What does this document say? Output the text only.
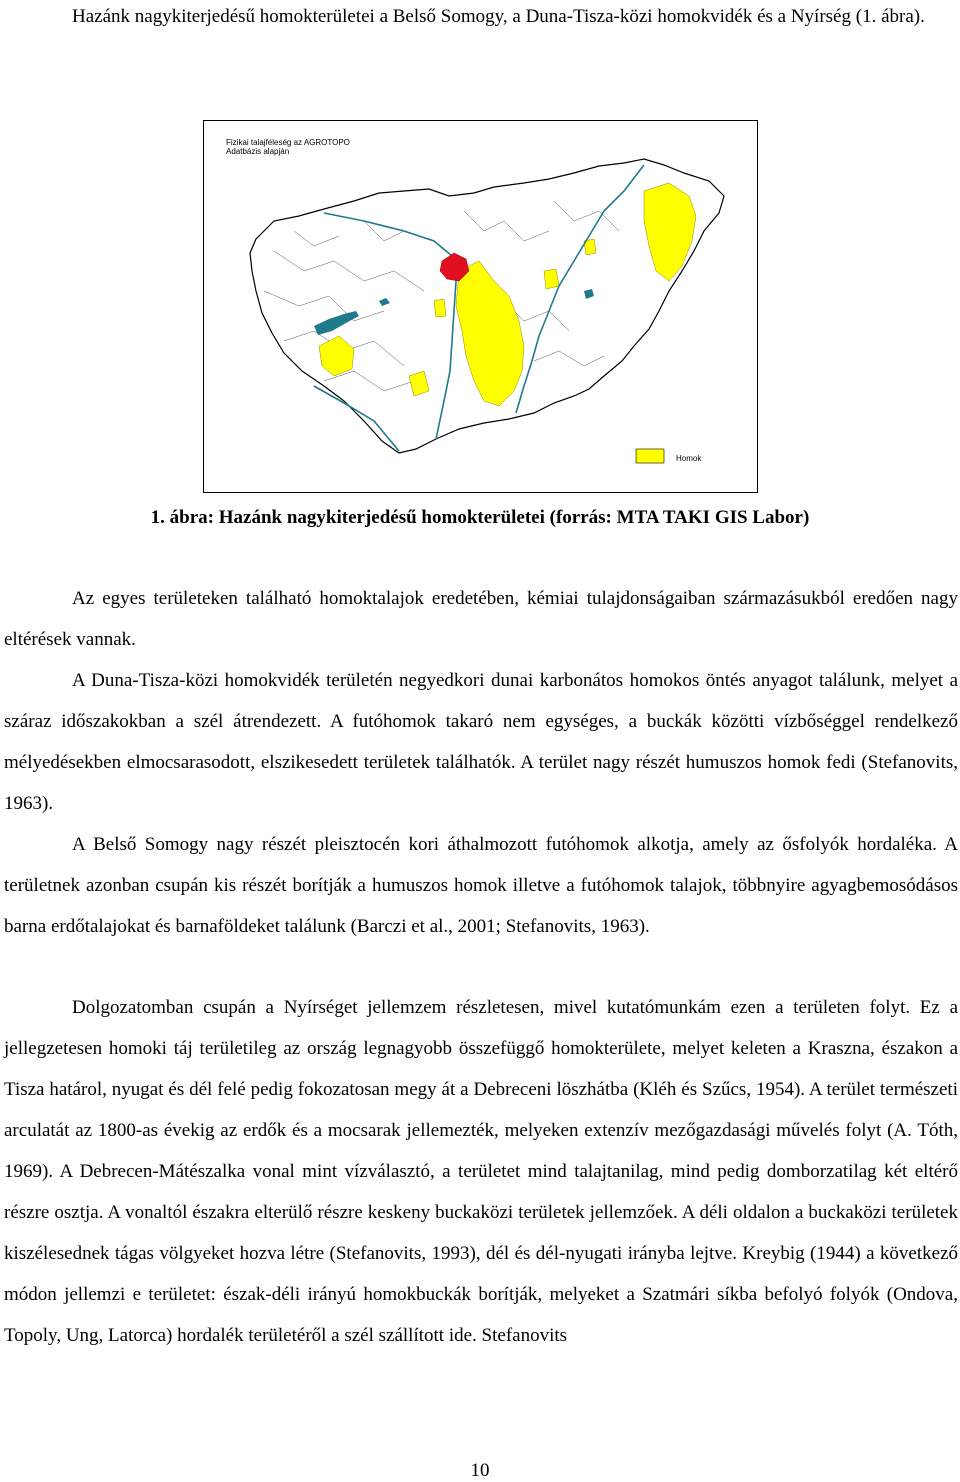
Hazánk nagykiterjedésű homokterületei a Belső Somogy, a Duna-Tisza-közi homokvidék és a Nyírség (1. ábra).

Fizikai talajféleség az AGROTOPO
Adatbázis alapján
Homok

1. ábra: Hazánk nagykiterjedésű homokterületei (forrás: MTA TAKI GIS Labor)

Az egyes területeken található homoktalajok eredetében, kémiai tulajdonságaiban származásukból eredően nagy eltérések vannak.

A Duna-Tisza-közi homokvidék területén negyedkori dunai karbonátos homokos öntés anyagot találunk, melyet a száraz időszakokban a szél átrendezett. A futóhomok takaró nem egységes, a buckák közötti vízbőséggel rendelkező mélyedésekben elmocsarasodott, elszikesedett területek találhatók. A terület nagy részét humuszos homok fedi (Stefanovits, 1963).

A Belső Somogy nagy részét pleisztocén kori áthalmozott futóhomok alkotja, amely az ősfolyók hordaléka. A területnek azonban csupán kis részét borítják a humuszos homok illetve a futóhomok talajok, többnyire agyagbemosódásos barna erdőtalajokat és barnaföldeket találunk (Barczi et al., 2001; Stefanovits, 1963).

Dolgozatomban csupán a Nyírséget jellemzem részletesen, mivel kutatómunkám ezen a területen folyt. Ez a jellegzetesen homoki táj területileg az ország legnagyobb összefüggő homokterülete, melyet keleten a Kraszna, északon a Tisza határol, nyugat és dél felé pedig fokozatosan megy át a Debreceni löszhátba (Kléh és Szűcs, 1954). A terület természeti arculatát az 1800-as évekig az erdők és a mocsarak jellemezték, melyeken extenzív mezőgazdasági művelés folyt (A. Tóth, 1969). A Debrecen-Mátészalka vonal mint vízválasztó, a területet mind talajtanilag, mind pedig domborzatilag két eltérő részre osztja. A vonaltól északra elterülő részre keskeny buckaközi területek jellemzőek. A déli oldalon a buckaközi területek kiszélesednek tágas völgyeket hozva létre (Stefanovits, 1993), dél és dél-nyugati irányba lejtve. Kreybig (1944) a következő módon jellemzi e területet: észak-déli irányú homokbuckák borítják, melyeket a Szatmári síkba befolyó folyók (Ondova, Topoly, Ung, Latorca) hordalék területéről a szél szállított ide. Stefanovits

10
